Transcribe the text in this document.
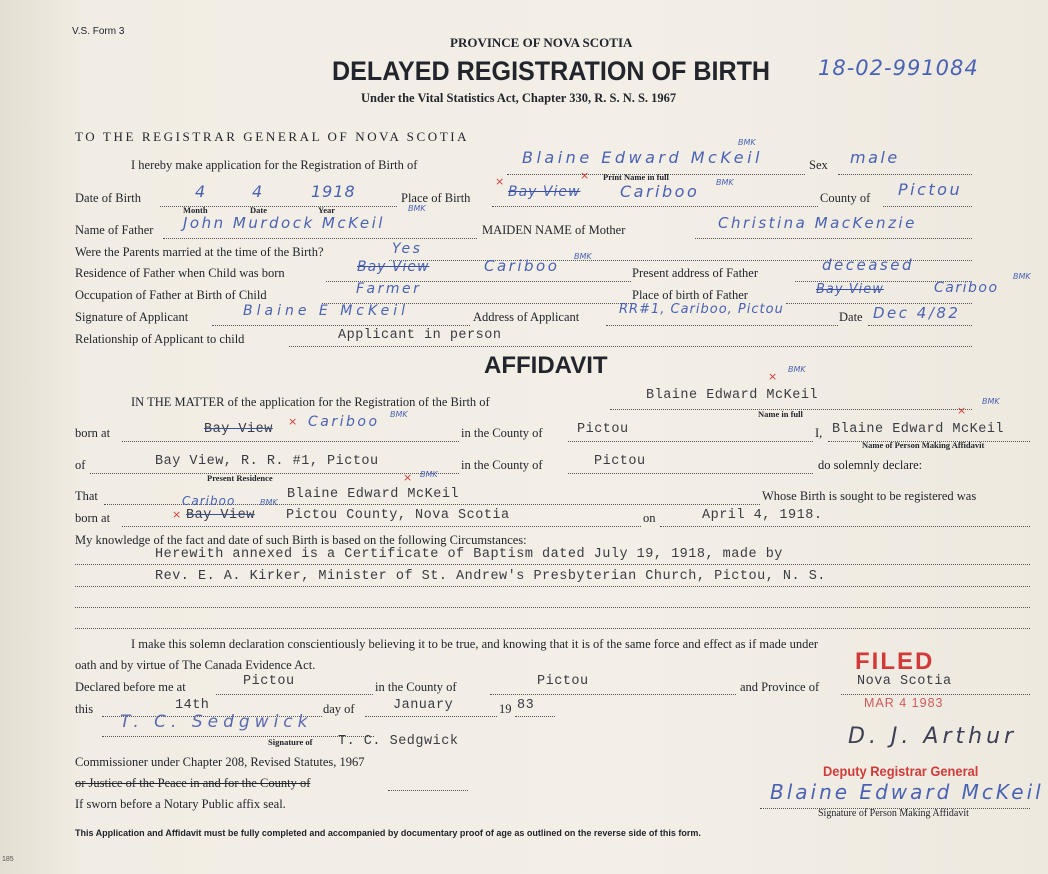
V.S. Form 3
PROVINCE OF NOVA SCOTIA
DELAYED REGISTRATION OF BIRTH 18-02-991084
Under the Vital Statistics Act, Chapter 330, R. S. N. S. 1967
TO THE REGISTRAR GENERAL OF NOVA SCOTIA
I hereby make application for the Registration of Birth of	Blaine Edward McKeil
BMK
Print Name in full
×
Sex male
Date of Birth	4	4	1918
Month	Date	Year
Place of Birth	Bay View
×
Cariboo BMK
County of Pictou
Name of Father John Murdock McKeil
BMK
MAIDEN NAME of Mother	Christina MacKenzie
Were the Parents married at the time of the Birth?	Yes
Residence of Father when Child was born	Bay View	Cariboo
BMK
Present address of Father	deceased
Occupation of Father at Birth of Child	Farmer	Place of birth of Father	Bay View	Cariboo
BMK
Signature of Applicant	Blaine E McKeil	Address of Applicant	RR#1, Cariboo, Pictou	Date Dec 4/82
Relationship of Applicant to child	Applicant in person
AFFIDAVIT
IN THE MATTER of the application for the Registration of the Birth of	Blaine Edward McKeil
×
BMK
Name in full
born at	Bay View
× Cariboo BMK
in the County of	Pictou	I, Blaine Edward McKeil
×
BMK
Name of Person Making Affidavit
of	Bay View, R. R. #1, Pictou
Present Residence
in the County of	Pictou	do solemnly declare:
That	Blaine Edward McKeil
× BMK
Whose Birth is sought to be registered was
born at	× Bay View
Cariboo	BMK
Pictou County, Nova Scotia	on	April 4, 1918.
My knowledge of the fact and date of such Birth is based on the following Circumstances:
Herewith annexed is a Certificate of Baptism dated July 19, 1918, made by
Rev. E. A. Kirker, Minister of St. Andrew's Presbyterian Church, Pictou, N. S.
I make this solemn declaration conscientiously believing it to be true, and knowing that it is of the same force and effect as if made under
oath and by virtue of The Canada Evidence Act.
Declared before me at	Pictou	in the County of	Pictou	and Province of	Nova Scotia
this	14th	day of	January	19 83
T. C. Sedgwick
Signature of T. C. Sedgwick
Commissioner under Chapter 208, Revised Statutes, 1967
or Justice of the Peace in and for the County of
If sworn before a Notary Public affix seal.
FILED
MAR 4 1983
D. J. Arthur
Deputy Registrar General
Blaine Edward McKeil
Signature of Person Making Affidavit
This Application and Affidavit must be fully completed and accompanied by documentary proof of age as outlined on the reverse side of this form.
185
